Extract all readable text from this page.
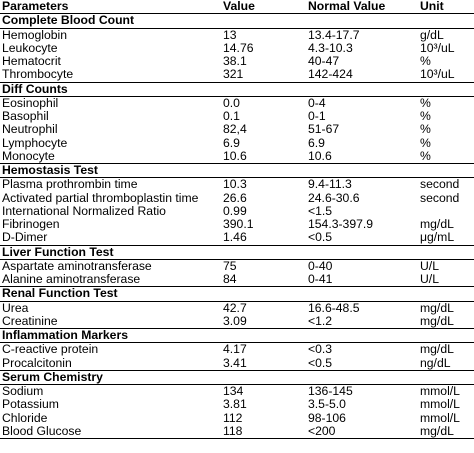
Parameters	Value	Normal Value	Unit
Complete Blood Count			
Hemoglobin	13	13.4-17.7	g/dL
Leukocyte	14.76	4.3-10.3	10³/uL
Hematocrit	38.1	40-47	%
Thrombocyte	321	142-424	10³/uL
Diff Counts			
Eosinophil	0.0	0-4	%
Basophil	0.1	0-1	%
Neutrophil	82,4	51-67	%
Lymphocyte	6.9	6.9	%
Monocyte	10.6	10.6	%
Hemostasis Test			
Plasma prothrombin time	10.3	9.4-11.3	second
Activated partial thromboplastin time	26.6	24.6-30.6	second
International Normalized Ratio	0.99	<1.5	
Fibrinogen	390.1	154.3-397.9	mg/dL
D-Dimer	1.46	<0.5	μg/mL
Liver Function Test			
Aspartate aminotransferase	75	0-40	U/L
Alanine aminotransferase	84	0-41	U/L
Renal Function Test			
Urea	42.7	16.6-48.5	mg/dL
Creatinine	3.09	<1.2	mg/dL
Inflammation Markers			
C-reactive protein	4.17	<0.3	mg/dL
Procalcitonin	3.41	<0.5	ng/dL
Serum Chemistry			
Sodium	134	136-145	mmol/L
Potassium	3.81	3.5-5.0	mmol/L
Chloride	112	98-106	mmol/L
Blood Glucose	118	<200	mg/dL
